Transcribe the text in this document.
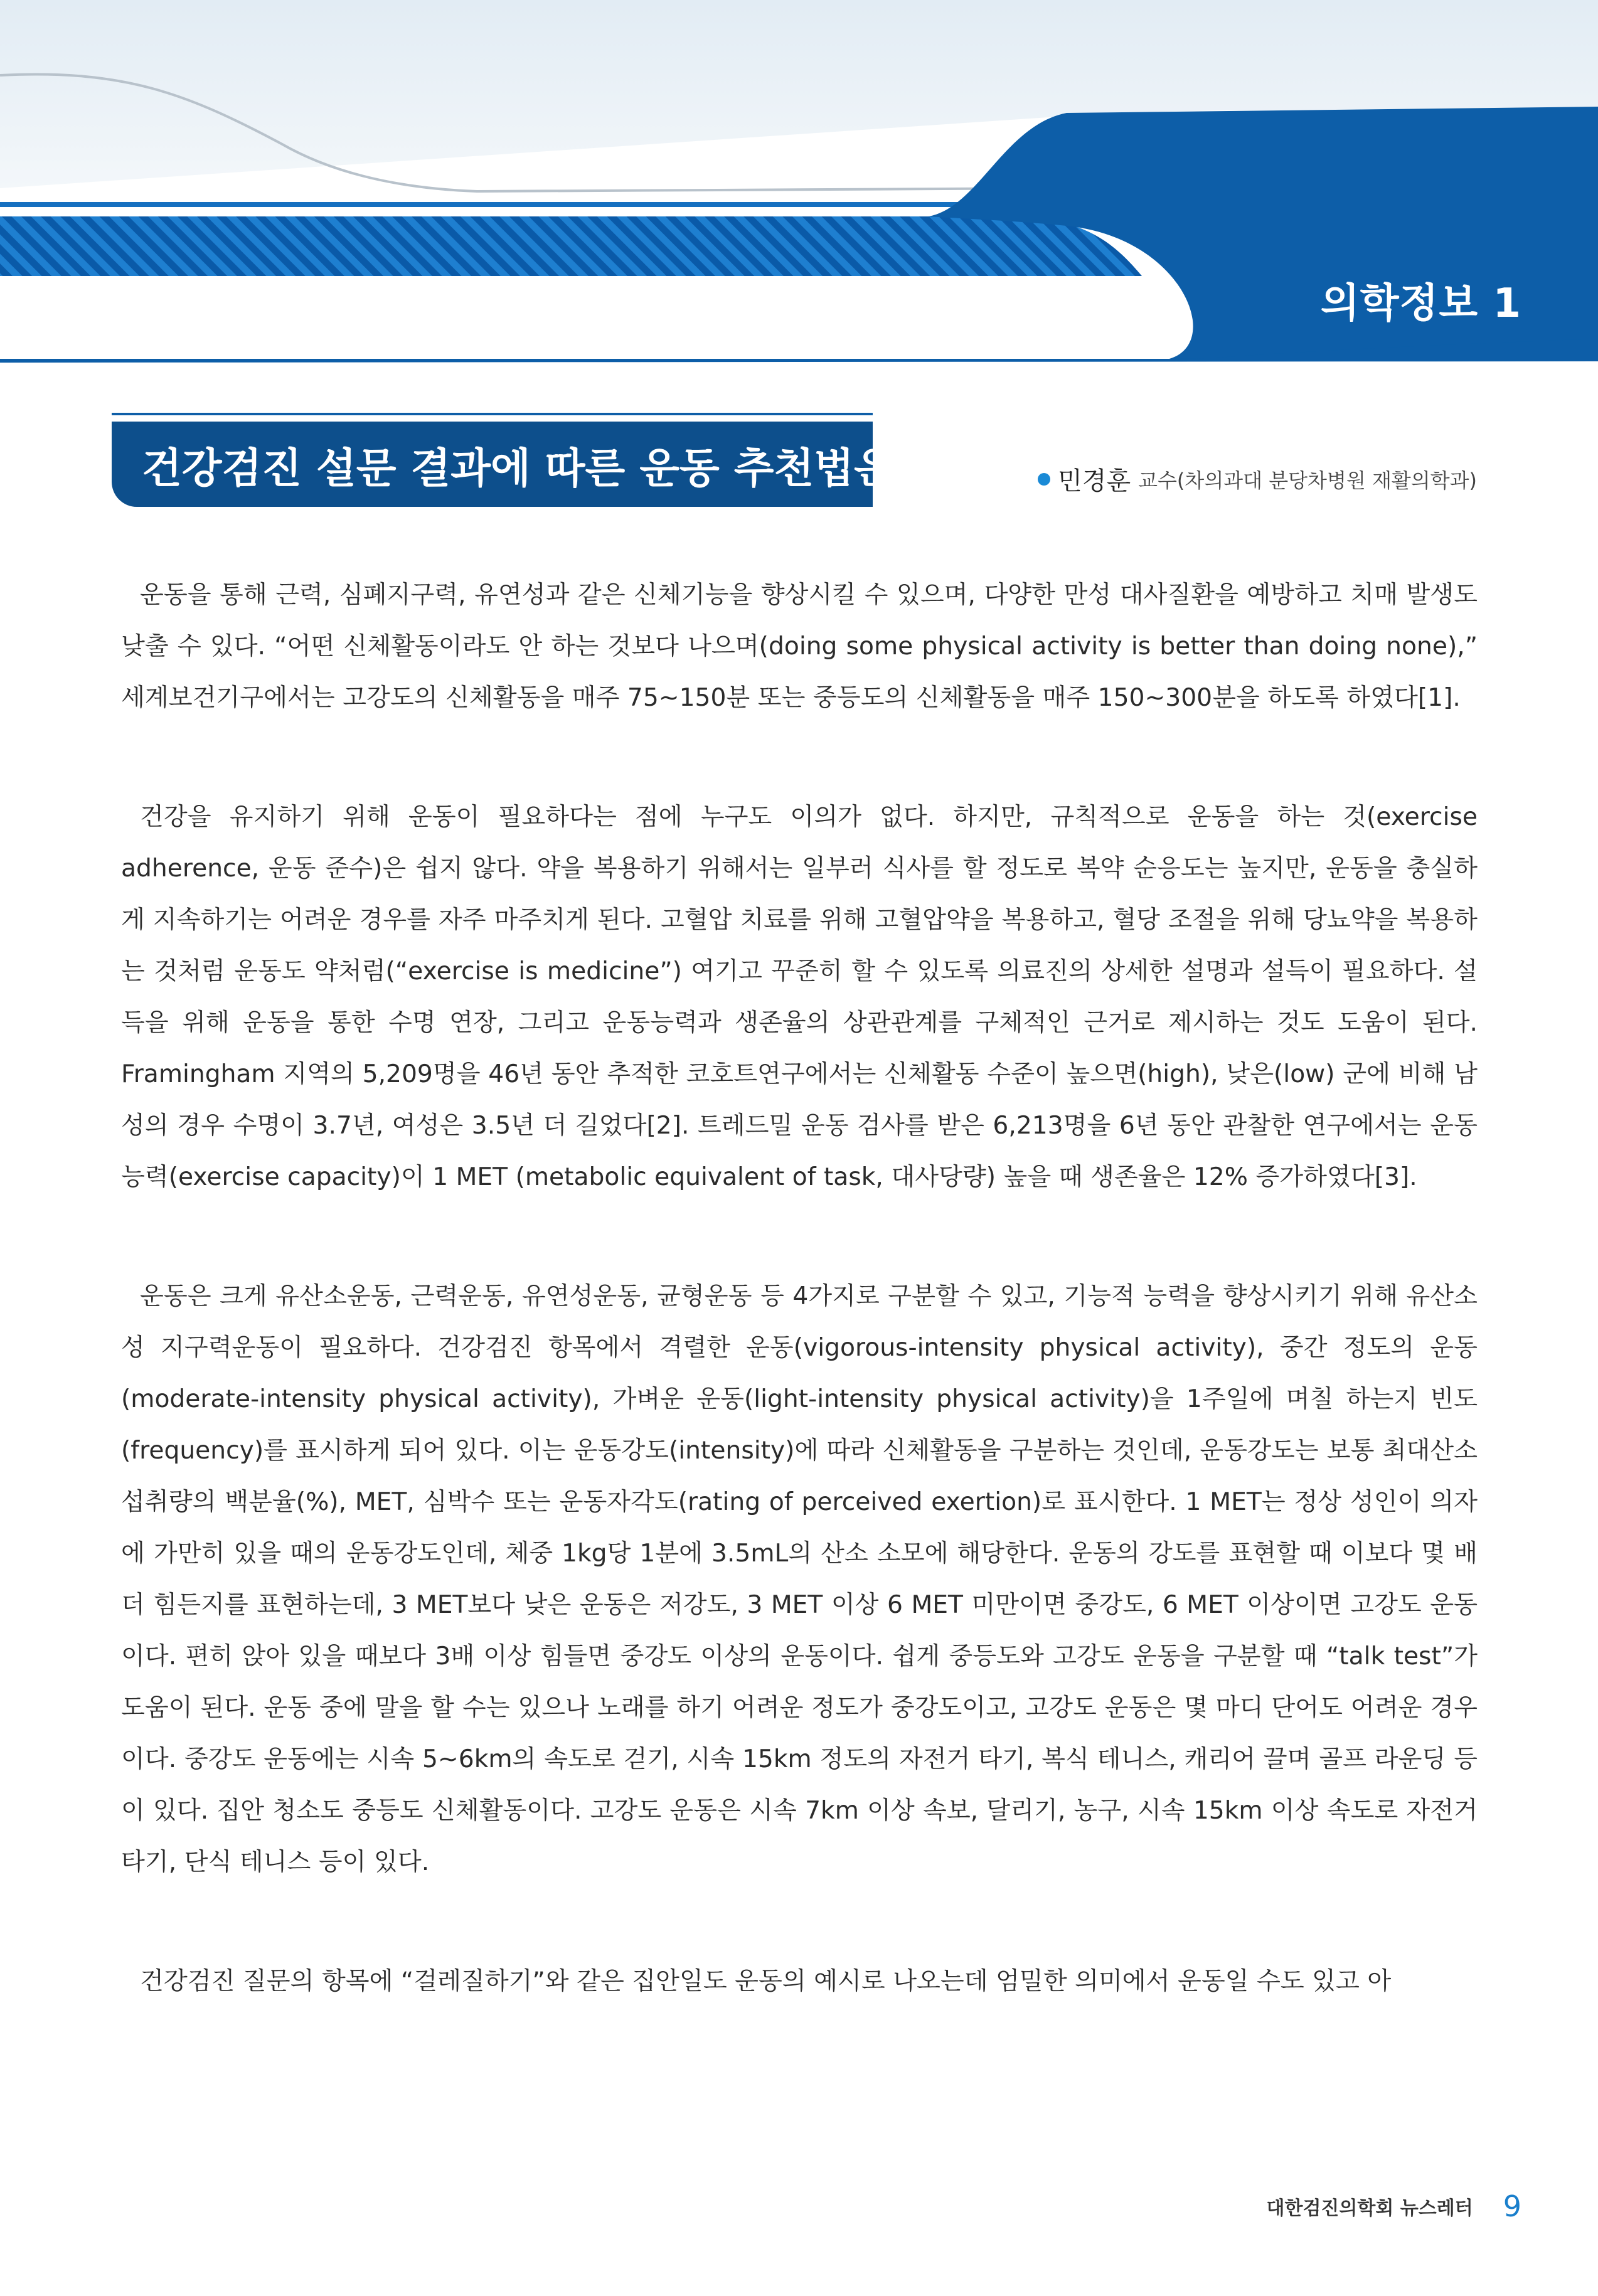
의학정보 1
건강검진 설문 결과에 따른 운동 추천법은?	민경훈 교수(차의과대 분당차병원 재활의학과)

운동을 통해 근력, 심폐지구력, 유연성과 같은 신체기능을 향상시킬 수 있으며, 다양한 만성 대사질환을 예방하고 치매 발생도 낮출 수 있다. “어떤 신체활동이라도 안 하는 것보다 나으며(doing some physical activity is better than doing none),” 세계보건기구에서는 고강도의 신체활동을 매주 75~150분 또는 중등도의 신체활동을 매주 150~300분을 하도록 하였다[1].

건강을 유지하기 위해 운동이 필요하다는 점에 누구도 이의가 없다. 하지만, 규칙적으로 운동을 하는 것(exercise adherence, 운동 준수)은 쉽지 않다. 약을 복용하기 위해서는 일부러 식사를 할 정도로 복약 순응도는 높지만, 운동을 충실하게 지속하기는 어려운 경우를 자주 마주치게 된다. 고혈압 치료를 위해 고혈압약을 복용하고, 혈당 조절을 위해 당뇨약을 복용하는 것처럼 운동도 약처럼(“exercise is medicine”) 여기고 꾸준히 할 수 있도록 의료진의 상세한 설명과 설득이 필요하다. 설득을 위해 운동을 통한 수명 연장, 그리고 운동능력과 생존율의 상관관계를 구체적인 근거로 제시하는 것도 도움이 된다. Framingham 지역의 5,209명을 46년 동안 추적한 코호트연구에서는 신체활동 수준이 높으면(high), 낮은(low) 군에 비해 남성의 경우 수명이 3.7년, 여성은 3.5년 더 길었다[2]. 트레드밀 운동 검사를 받은 6,213명을 6년 동안 관찰한 연구에서는 운동능력(exercise capacity)이 1 MET (metabolic equivalent of task, 대사당량) 높을 때 생존율은 12% 증가하였다[3].

운동은 크게 유산소운동, 근력운동, 유연성운동, 균형운동 등 4가지로 구분할 수 있고, 기능적 능력을 향상시키기 위해 유산소성 지구력운동이 필요하다. 건강검진 항목에서 격렬한 운동(vigorous-intensity physical activity), 중간 정도의 운동(moderate-intensity physical activity), 가벼운 운동(light-intensity physical activity)을 1주일에 며칠 하는지 빈도(frequency)를 표시하게 되어 있다. 이는 운동강도(intensity)에 따라 신체활동을 구분하는 것인데, 운동강도는 보통 최대산소섭취량의 백분율(%), MET, 심박수 또는 운동자각도(rating of perceived exertion)로 표시한다. 1 MET는 정상 성인이 의자에 가만히 있을 때의 운동강도인데, 체중 1kg당 1분에 3.5mL의 산소 소모에 해당한다. 운동의 강도를 표현할 때 이보다 몇 배 더 힘든지를 표현하는데, 3 MET보다 낮은 운동은 저강도, 3 MET 이상 6 MET 미만이면 중강도, 6 MET 이상이면 고강도 운동이다. 편히 앉아 있을 때보다 3배 이상 힘들면 중강도 이상의 운동이다. 쉽게 중등도와 고강도 운동을 구분할 때 “talk test”가 도움이 된다. 운동 중에 말을 할 수는 있으나 노래를 하기 어려운 정도가 중강도이고, 고강도 운동은 몇 마디 단어도 어려운 경우이다. 중강도 운동에는 시속 5~6km의 속도로 걷기, 시속 15km 정도의 자전거 타기, 복식 테니스, 캐리어 끌며 골프 라운딩 등이 있다. 집안 청소도 중등도 신체활동이다. 고강도 운동은 시속 7km 이상 속보, 달리기, 농구, 시속 15km 이상 속도로 자전거 타기, 단식 테니스 등이 있다.

건강검진 질문의 항목에 “걸레질하기”와 같은 집안일도 운동의 예시로 나오는데 엄밀한 의미에서 운동일 수도 있고 아

대한검진의학회 뉴스레터 9
